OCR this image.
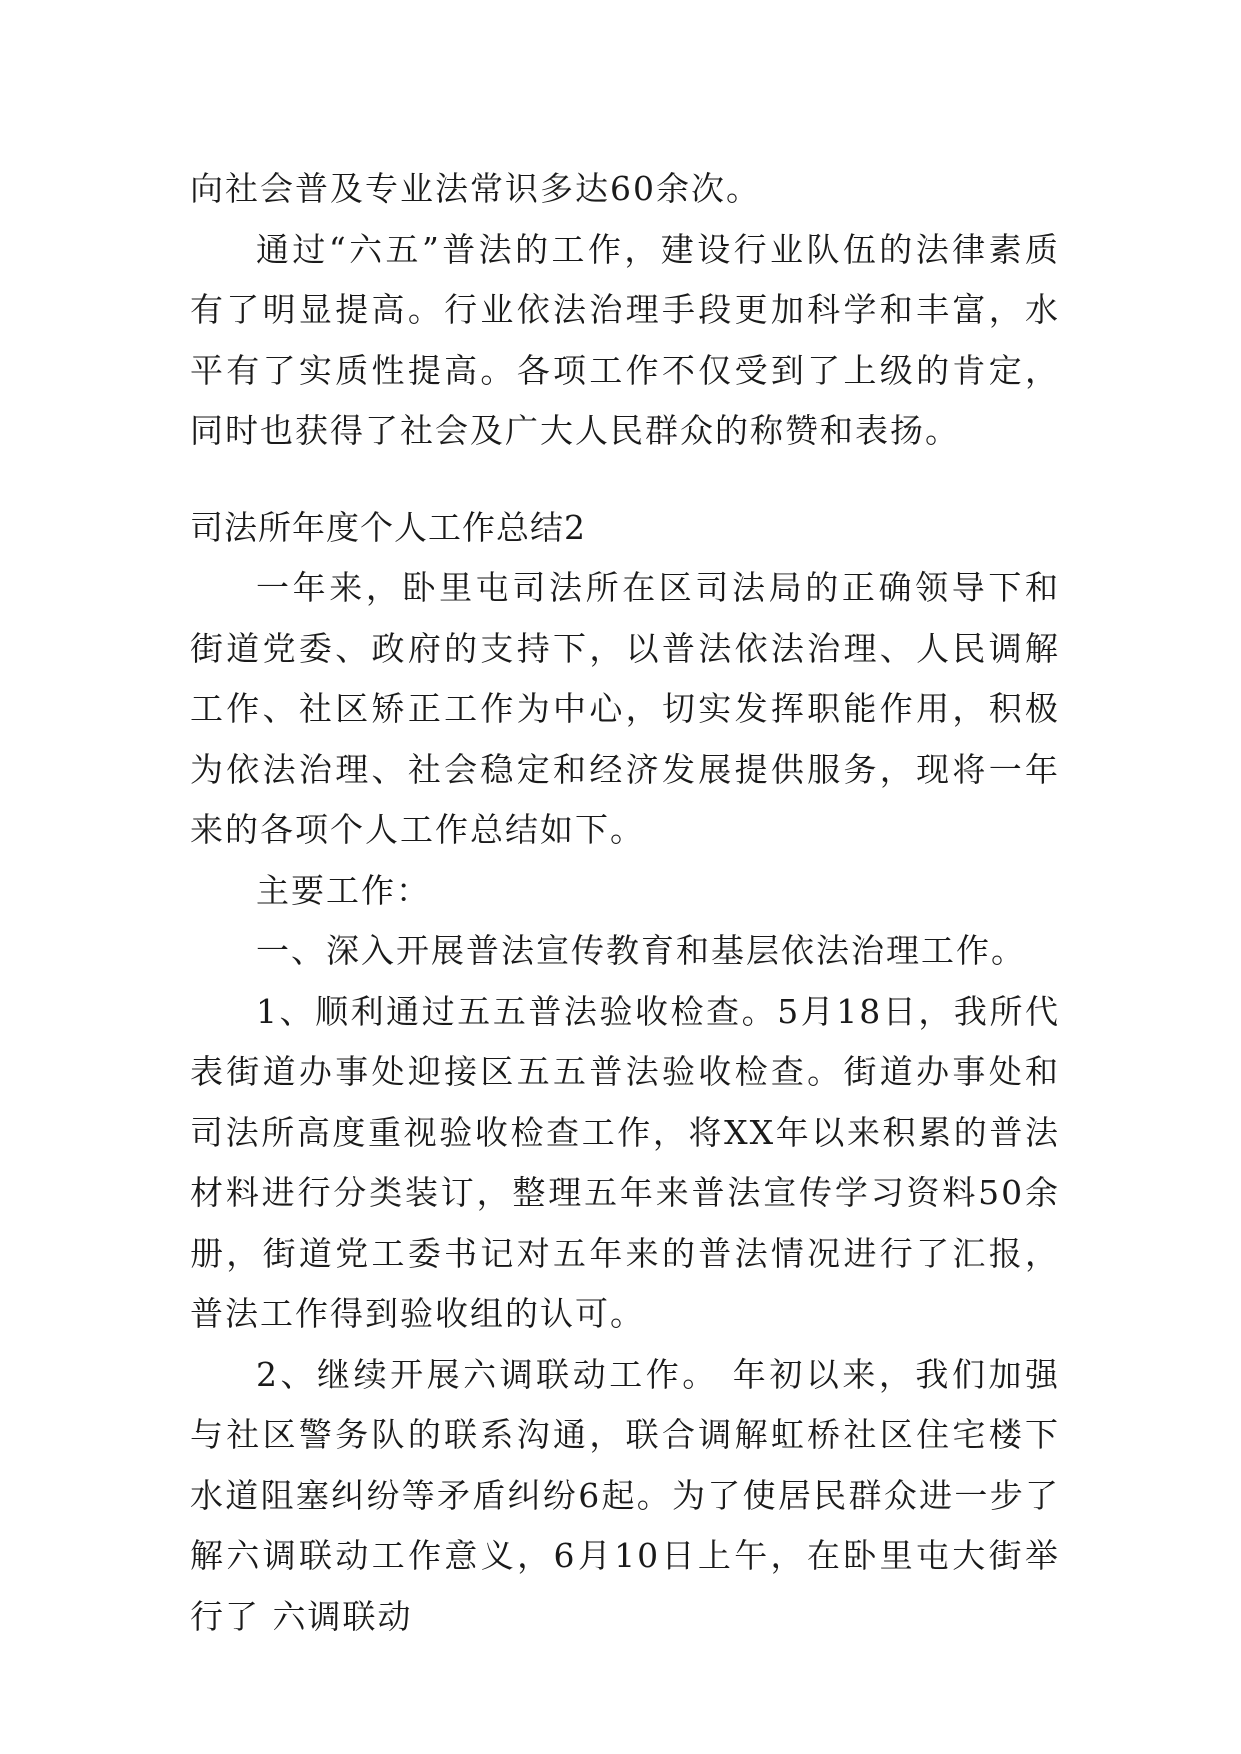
向社会普及专业法常识多达60余次。

通过“六五”普法的工作，建设行业队伍的法律素质有了明显提高。行业依法治理手段更加科学和丰富，水平有了实质性提高。各项工作不仅受到了上级的肯定，同时也获得了社会及广大人民群众的称赞和表扬。

司法所年度个人工作总结2

一年来，卧里屯司法所在区司法局的正确领导下和街道党委、政府的支持下，以普法依法治理、人民调解工作、社区矫正工作为中心，切实发挥职能作用，积极为依法治理、社会稳定和经济发展提供服务，现将一年来的各项个人工作总结如下。

主要工作：

一、深入开展普法宣传教育和基层依法治理工作。

1、顺利通过五五普法验收检查。5月18日，我所代表街道办事处迎接区五五普法验收检查。街道办事处和司法所高度重视验收检查工作，将XX年以来积累的普法材料进行分类装订，整理五年来普法宣传学习资料50余册，街道党工委书记对五年来的普法情况进行了汇报，普法工作得到验收组的认可。

2、继续开展六调联动工作。 年初以来，我们加强与社区警务队的联系沟通，联合调解虹桥社区住宅楼下水道阻塞纠纷等矛盾纠纷6起。为了使居民群众进一步了解六调联动工作意义，6月10日上午，在卧里屯大街举行了 六调联动
